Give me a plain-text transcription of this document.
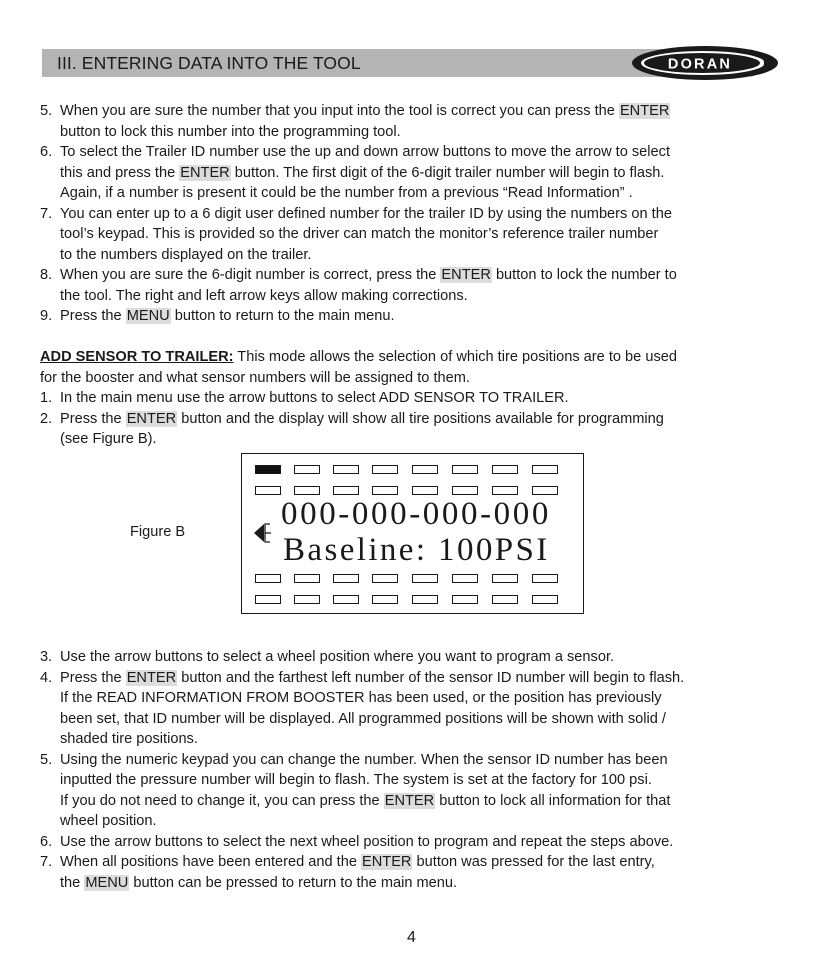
III. ENTERING DATA INTO THE TOOL	DORAN
5. When you are sure the number that you input into the tool is correct you can press the ENTER
button to lock this number into the programming tool.
6. To select the Trailer ID number use the up and down arrow buttons to move the arrow to select
this and press the ENTER button. The first digit of the 6-digit trailer number will begin to flash.
Again, if a number is present it could be the number from a previous “Read Information” .
7. You can enter up to a 6 digit user defined number for the trailer ID by using the numbers on the
tool’s keypad. This is provided so the driver can match the monitor’s reference trailer number
to the numbers displayed on the trailer.
8. When you are sure the 6-digit number is correct, press the ENTER button to lock the number to
the tool. The right and left arrow keys allow making corrections.
9. Press the MENU button to return to the main menu.
ADD SENSOR TO TRAILER: This mode allows the selection of which tire positions are to be used
for the booster and what sensor numbers will be assigned to them.
1. In the main menu use the arrow buttons to select ADD SENSOR TO TRAILER.
2. Press the ENTER button and the display will show all tire positions available for programming
(see Figure B).
Figure B	000-000-000-000
Baseline: 100PSI
3. Use the arrow buttons to select a wheel position where you want to program a sensor.
4. Press the ENTER button and the farthest left number of the sensor ID number will begin to flash.
If the READ INFORMATION FROM BOOSTER has been used, or the position has previously
been set, that ID number will be displayed. All programmed positions will be shown with solid /
shaded tire positions.
5. Using the numeric keypad you can change the number. When the sensor ID number has been
inputted the pressure number will begin to flash. The system is set at the factory for 100 psi.
If you do not need to change it, you can press the ENTER button to lock all information for that
wheel position.
6. Use the arrow buttons to select the next wheel position to program and repeat the steps above.
7. When all positions have been entered and the ENTER button was pressed for the last entry,
the MENU button can be pressed to return to the main menu.
4
